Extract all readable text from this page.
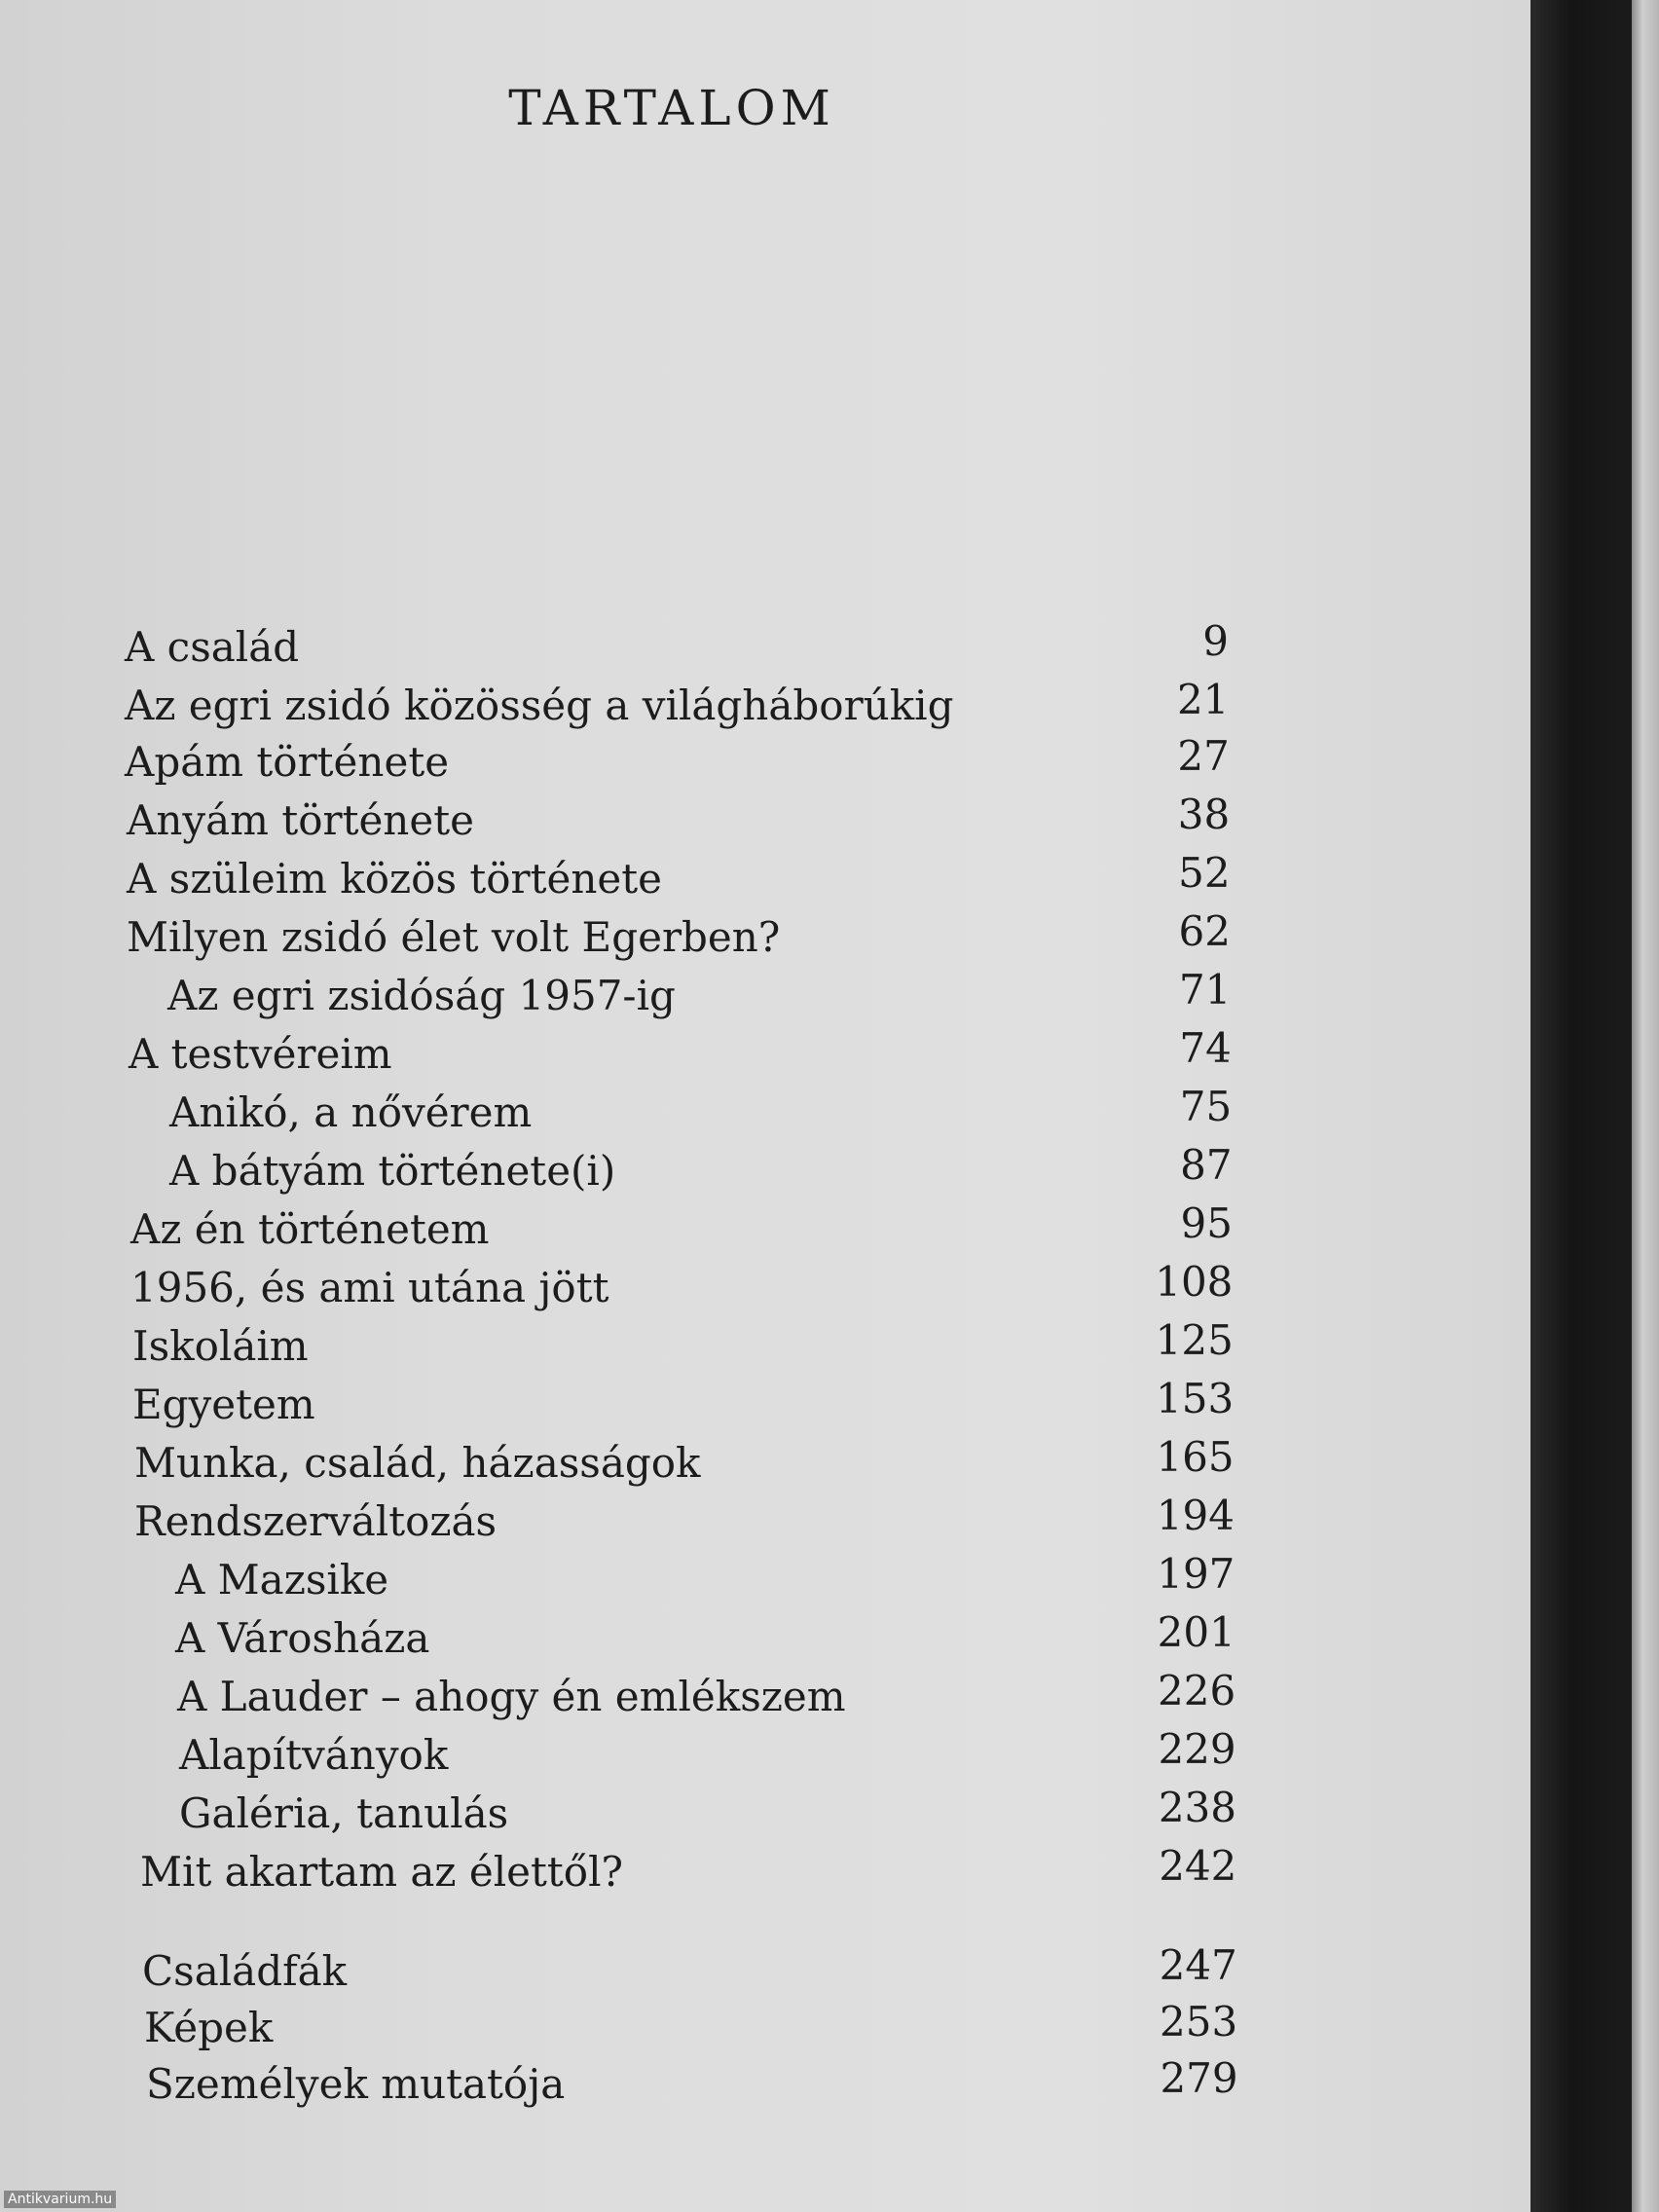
TARTALOM
A család	9
Az egri zsidó közösség a világháborúkig	21
Apám története	27
Anyám története	38
A szüleim közös története	52
Milyen zsidó élet volt Egerben?	62
Az egri zsidóság 1957-ig	71
A testvéreim	74
Anikó, a nővérem	75
A bátyám története(i)	87
Az én történetem	95
1956, és ami utána jött	108
Iskoláim	125
Egyetem	153
Munka, család, házasságok	165
Rendszerváltozás	194
A Mazsike	197
A Városháza	201
A Lauder – ahogy én emlékszem	226
Alapítványok	229
Galéria, tanulás	238
Mit akartam az élettől?	242
Családfák	247
Képek	253
Személyek mutatója	279
Antikvarium.hu
